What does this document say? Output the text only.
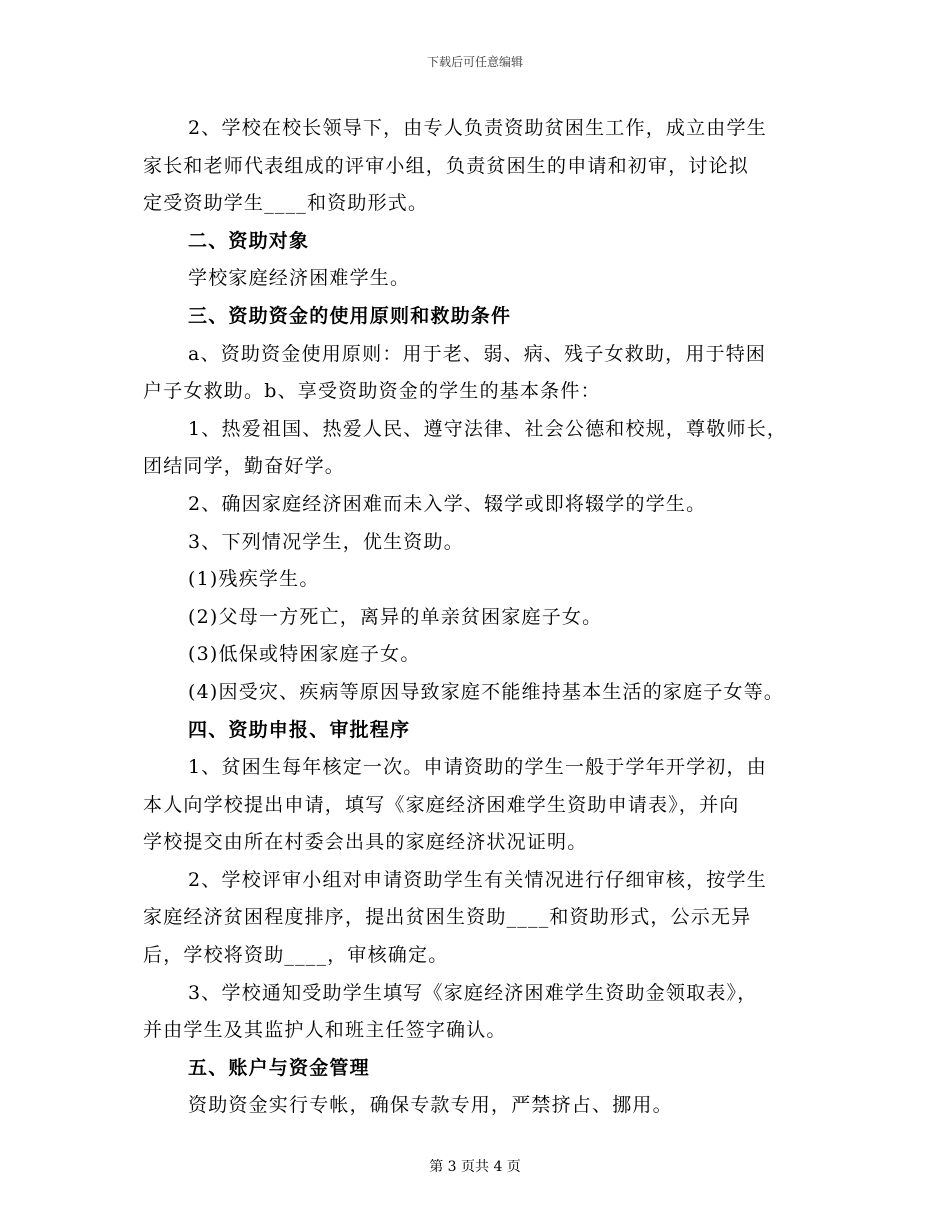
下载后可任意编辑
2、学校在校长领导下，由专人负责资助贫困生工作，成立由学生
家长和老师代表组成的评审小组，负责贫困生的申请和初审，讨论拟
定受资助学生____和资助形式。
二、资助对象
学校家庭经济困难学生。
三、资助资金的使用原则和救助条件
a、资助资金使用原则：用于老、弱、病、残子女救助，用于特困
户子女救助。b、享受资助资金的学生的基本条件：
1、热爱祖国、热爱人民、遵守法律、社会公德和校规，尊敬师长，
团结同学，勤奋好学。
2、确因家庭经济困难而未入学、辍学或即将辍学的学生。
3、下列情况学生，优生资助。
(1)残疾学生。
(2)父母一方死亡，离异的单亲贫困家庭子女。
(3)低保或特困家庭子女。
(4)因受灾、疾病等原因导致家庭不能维持基本生活的家庭子女等。
四、资助申报、审批程序
1、贫困生每年核定一次。申请资助的学生一般于学年开学初，由
本人向学校提出申请，填写《家庭经济困难学生资助申请表》，并向
学校提交由所在村委会出具的家庭经济状况证明。
2、学校评审小组对申请资助学生有关情况进行仔细审核，按学生
家庭经济贫困程度排序，提出贫困生资助____和资助形式，公示无异
后，学校将资助____，审核确定。
3、学校通知受助学生填写《家庭经济困难学生资助金领取表》，
并由学生及其监护人和班主任签字确认。
五、账户与资金管理
资助资金实行专帐，确保专款专用，严禁挤占、挪用。
第 3 页共 4 页
